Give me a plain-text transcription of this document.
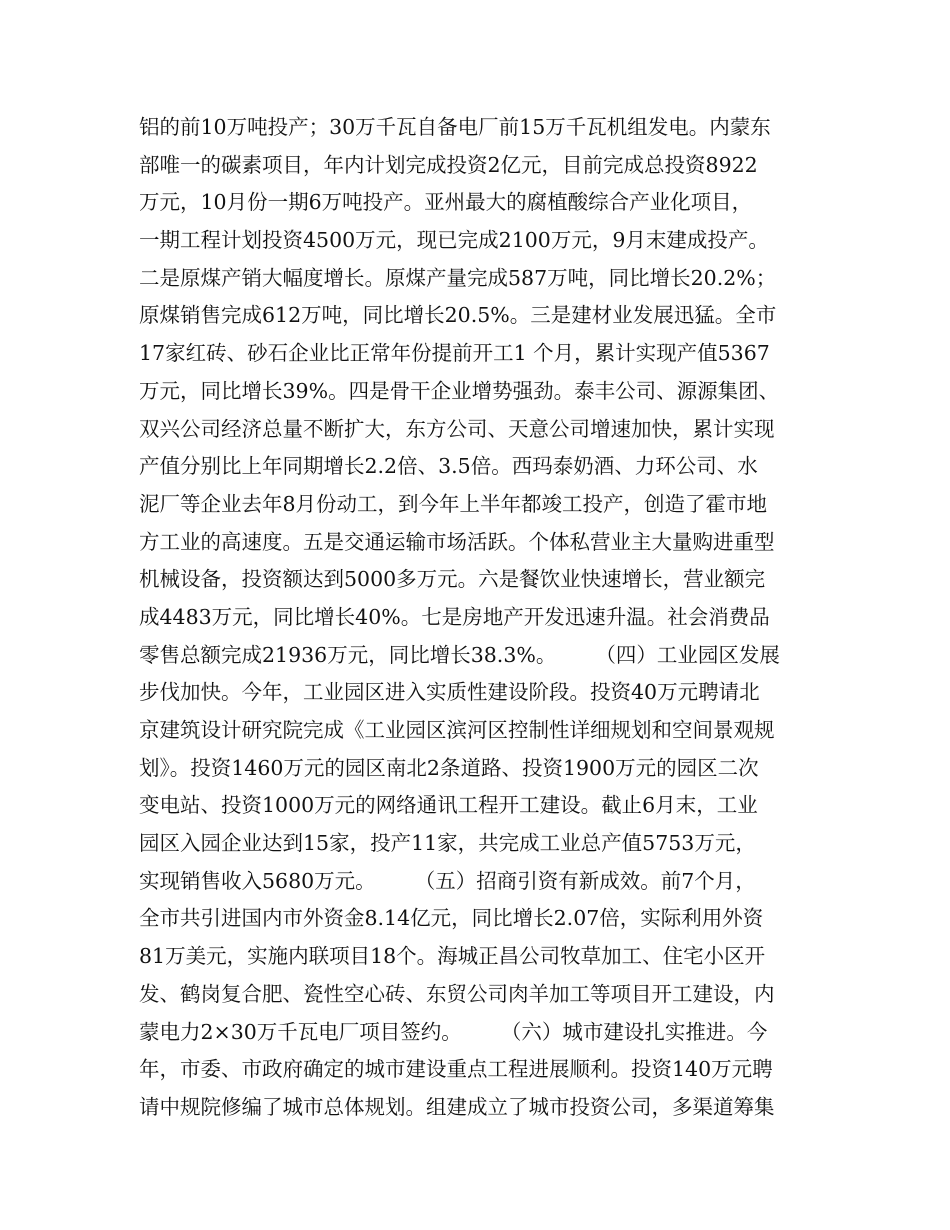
铝的前10万吨投产；30万千瓦自备电厂前15万千瓦机组发电。内蒙东
部唯一的碳素项目，年内计划完成投资2亿元，目前完成总投资8922
万元，10月份一期6万吨投产。亚州最大的腐植酸综合产业化项目，
一期工程计划投资4500万元，现已完成2100万元，9月末建成投产。
二是原煤产销大幅度增长。原煤产量完成587万吨，同比增长20.2%；
原煤销售完成612万吨，同比增长20.5%。三是建材业发展迅猛。全市
17家红砖、砂石企业比正常年份提前开工1 个月，累计实现产值5367
万元，同比增长39%。四是骨干企业增势强劲。泰丰公司、源源集团、
双兴公司经济总量不断扩大，东方公司、天意公司增速加快，累计实现
产值分别比上年同期增长2.2倍、3.5倍。西玛泰奶酒、力环公司、水
泥厂等企业去年8月份动工，到今年上半年都竣工投产，创造了霍市地
方工业的高速度。五是交通运输市场活跃。个体私营业主大量购进重型
机械设备，投资额达到5000多万元。六是餐饮业快速增长，营业额完
成4483万元，同比增长40%。七是房地产开发迅速升温。社会消费品
零售总额完成21936万元，同比增长38.3%。      （四）工业园区发展
步伐加快。今年，工业园区进入实质性建设阶段。投资40万元聘请北
京建筑设计研究院完成《工业园区滨河区控制性详细规划和空间景观规
划》。投资1460万元的园区南北2条道路、投资1900万元的园区二次
变电站、投资1000万元的网络通讯工程开工建设。截止6月末，工业
园区入园企业达到15家，投产11家，共完成工业总产值5753万元，
实现销售收入5680万元。      （五）招商引资有新成效。前7个月，
全市共引进国内市外资金8.14亿元，同比增长2.07倍，实际利用外资
81万美元，实施内联项目18个。海城正昌公司牧草加工、住宅小区开
发、鹤岗复合肥、瓷性空心砖、东贸公司肉羊加工等项目开工建设，内
蒙电力2×30万千瓦电厂项目签约。      （六）城市建设扎实推进。今
年，市委、市政府确定的城市建设重点工程进展顺利。投资140万元聘
请中规院修编了城市总体规划。组建成立了城市投资公司，多渠道筹集
